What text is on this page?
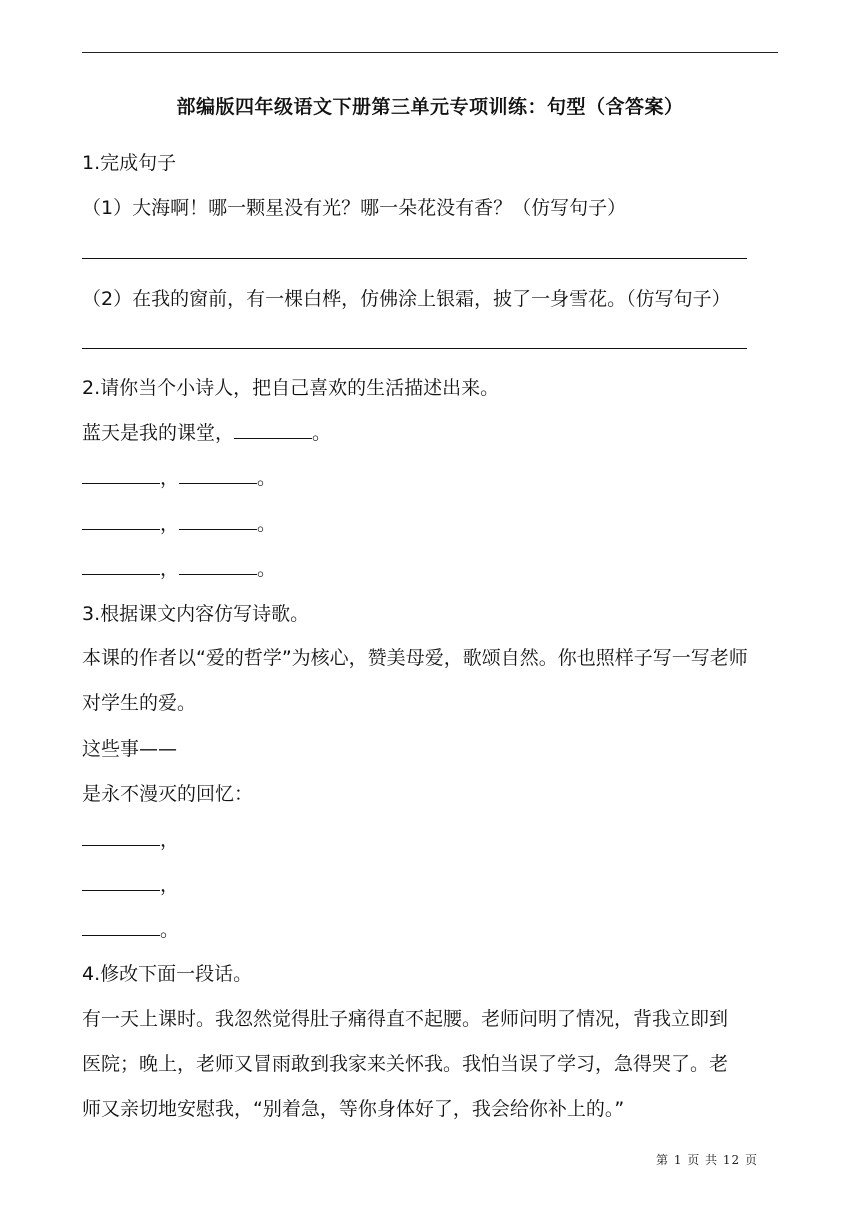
部编版四年级语文下册第三单元专项训练：句型（含答案）
1.完成句子
（1）大海啊！哪一颗星没有光？哪一朵花没有香？（仿写句子）
（2）在我的窗前，有一棵白桦，仿佛涂上银霜，披了一身雪花。（仿写句子）
2.请你当个小诗人，把自己喜欢的生活描述出来。
蓝天是我的课堂，	。
，	。
，	。
，	。
3.根据课文内容仿写诗歌。
本课的作者以“爱的哲学”为核心，赞美母爱，歌颂自然。你也照样子写一写老师
对学生的爱。
这些事——
是永不漫灭的回忆：
，
，
。
4.修改下面一段话。
有一天上课时。我忽然觉得肚子痛得直不起腰。老师问明了情况，背我立即到
医院；晚上，老师又冒雨敢到我家来关怀我。我怕当误了学习，急得哭了。老
师又亲切地安慰我，“别着急，等你身体好了，我会给你补上的。”
第 1 页 共 12 页
